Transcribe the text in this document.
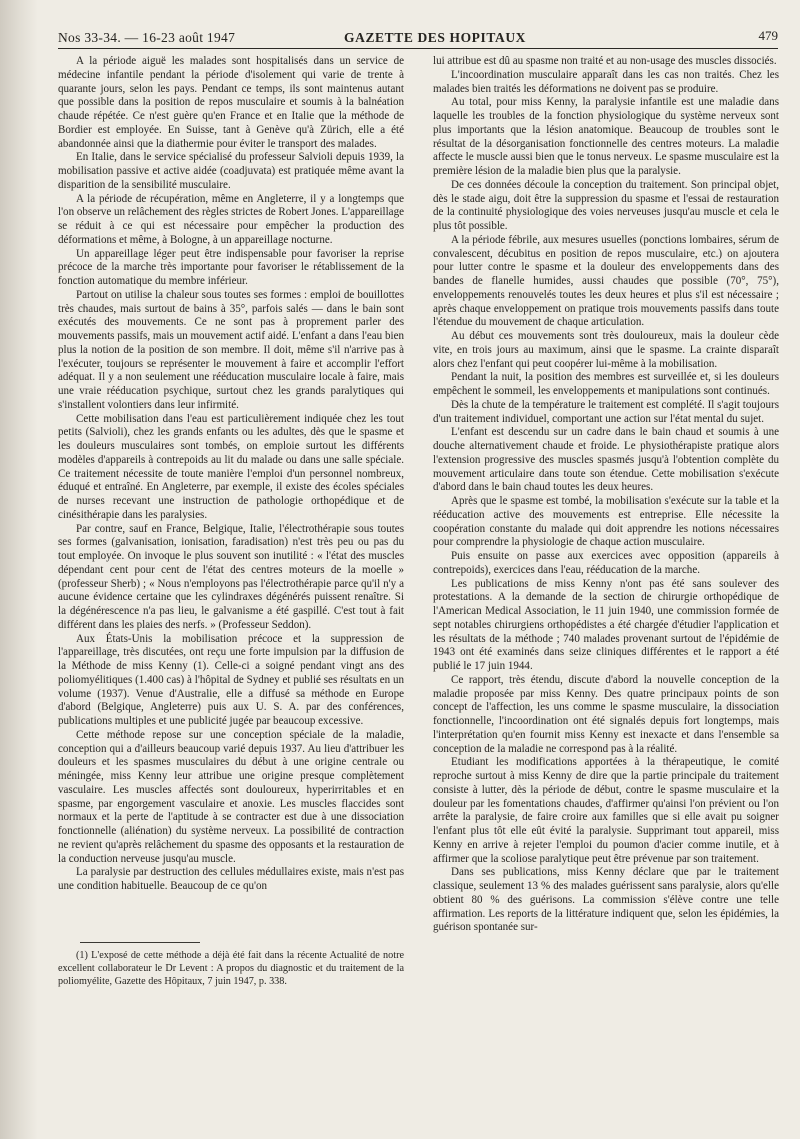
Nos 33-34. — 16-23 août 1947	GAZETTE DES HOPITAUX	479

A la période aiguë les malades sont hospitalisés dans un service de médecine infantile pendant la période d'isolement qui varie de trente à quarante jours, selon les pays. Pendant ce temps, ils sont maintenus autant que possible dans la position de repos musculaire et soumis à la balnéation chaude répétée. Ce n'est guère qu'en France et en Italie que la méthode de Bordier est employée. En Suisse, tant à Genève qu'à Zürich, elle a été abandonnée ainsi que la diathermie pour éviter le transport des malades.

En Italie, dans le service spécialisé du professeur Salvioli depuis 1939, la mobilisation passive et active aidée (coadjuvata) est pratiquée même avant la disparition de la sensibilité musculaire.

A la période de récupération, même en Angleterre, il y a longtemps que l'on observe un relâchement des règles strictes de Robert Jones. L'appareillage se réduit à ce qui est nécessaire pour empêcher la production des déformations et même, à Bologne, à un appareillage nocturne.

Un appareillage léger peut être indispensable pour favoriser la reprise précoce de la marche très importante pour favoriser le rétablissement de la fonction automatique du membre inférieur.

Partout on utilise la chaleur sous toutes ses formes : emploi de bouillottes très chaudes, mais surtout de bains à 35°, parfois salés — dans le bain sont exécutés des mouvements. Ce ne sont pas à proprement parler des mouvements passifs, mais un mouvement actif aidé. L'enfant a dans l'eau bien plus la notion de la position de son membre. Il doit, même s'il n'arrive pas à l'exécuter, toujours se représenter le mouvement à faire et accomplir l'effort adéquat. Il y a non seulement une rééducation musculaire locale à faire, mais une vraie rééducation psychique, surtout chez les grands paralytiques qui s'installent volontiers dans leur infirmité.

Cette mobilisation dans l'eau est particulièrement indiquée chez les tout petits (Salvioli), chez les grands enfants ou les adultes, dès que le spasme et les douleurs musculaires sont tombés, on emploie surtout les différents modèles d'appareils à contrepoids au lit du malade ou dans une salle spéciale. Ce traitement nécessite de toute manière l'emploi d'un personnel nombreux, éduqué et entraîné. En Angleterre, par exemple, il existe des écoles spéciales de nurses recevant une instruction de pathologie orthopédique et de cinésithérapie dans les paralysies.

Par contre, sauf en France, Belgique, Italie, l'électrothérapie sous toutes ses formes (galvanisation, ionisation, faradisation) n'est très peu ou pas du tout employée. On invoque le plus souvent son inutilité : « l'état des muscles dépendant cent pour cent de l'état des centres moteurs de la moelle » (professeur Sherb) ; « Nous n'employons pas l'électrothérapie parce qu'il n'y a aucune évidence certaine que les cylindraxes dégénérés puissent renaître. Si la dégénérescence n'a pas lieu, le galvanisme a été gaspillé. C'est tout à fait différent dans les plaies des nerfs. » (Professeur Seddon).

Aux États-Unis la mobilisation précoce et la suppression de l'appareillage, très discutées, ont reçu une forte impulsion par la diffusion de la Méthode de miss Kenny (1). Celle-ci a soigné pendant vingt ans des poliomyélitiques (1.400 cas) à l'hôpital de Sydney et publié ses résultats en un volume (1937). Venue d'Australie, elle a diffusé sa méthode en Europe d'abord (Belgique, Angleterre) puis aux U. S. A. par des conférences, publications multiples et une publicité jugée par beaucoup excessive.

Cette méthode repose sur une conception spéciale de la maladie, conception qui a d'ailleurs beaucoup varié depuis 1937. Au lieu d'attribuer les douleurs et les spasmes musculaires du début à une origine centrale ou méningée, miss Kenny leur attribue une origine presque complètement vasculaire. Les muscles affectés sont douloureux, hyperirritables et en spasme, par engorgement vasculaire et anoxie. Les muscles flaccides sont normaux et la perte de l'aptitude à se contracter est due à une dissociation fonctionnelle (aliénation) du système nerveux. La possibilité de contraction ne revient qu'après relâchement du spasme des opposants et la restauration de la conduction nerveuse jusqu'au muscle.

La paralysie par destruction des cellules médullaires existe, mais n'est pas une condition habituelle. Beaucoup de ce qu'on

(1) L'exposé de cette méthode a déjà été fait dans la récente Actualité de notre excellent collaborateur le Dr Levent : A propos du diagnostic et du traitement de la poliomyélite, Gazette des Hôpitaux, 7 juin 1947, p. 338.

lui attribue est dû au spasme non traité et au non-usage des muscles dissociés.

L'incoordination musculaire apparaît dans les cas non traités. Chez les malades bien traités les déformations ne doivent pas se produire.

Au total, pour miss Kenny, la paralysie infantile est une maladie dans laquelle les troubles de la fonction physiologique du système nerveux sont plus importants que la lésion anatomique. Beaucoup de troubles sont le résultat de la désorganisation fonctionnelle des centres moteurs. La maladie affecte le muscle aussi bien que le tonus nerveux. Le spasme musculaire est la première lésion de la maladie bien plus que la paralysie.

De ces données découle la conception du traitement. Son principal objet, dès le stade aigu, doit être la suppression du spasme et l'essai de restauration de la continuité physiologique des voies nerveuses jusqu'au muscle et cela le plus tôt possible.

A la période fébrile, aux mesures usuelles (ponctions lombaires, sérum de convalescent, décubitus en position de repos musculaire, etc.) on ajoutera pour lutter contre le spasme et la douleur des enveloppements dans des bandes de flanelle humides, aussi chaudes que possible (70°, 75°), enveloppements renouvelés toutes les deux heures et plus s'il est nécessaire ; après chaque enveloppement on pratique trois mouvements passifs dans toute l'étendue du mouvement de chaque articulation.

Au début ces mouvements sont très douloureux, mais la douleur cède vite, en trois jours au maximum, ainsi que le spasme. La crainte disparaît alors chez l'enfant qui peut coopérer lui-même à la mobilisation.

Pendant la nuit, la position des membres est surveillée et, si les douleurs empêchent le sommeil, les enveloppements et manipulations sont continués.

Dès la chute de la température le traitement est complété. Il s'agit toujours d'un traitement individuel, comportant une action sur l'état mental du sujet.

L'enfant est descendu sur un cadre dans le bain chaud et soumis à une douche alternativement chaude et froide. Le physiothérapiste pratique alors l'extension progressive des muscles spasmés jusqu'à l'obtention complète du mouvement articulaire dans toute son étendue. Cette mobilisation s'exécute d'abord dans le bain chaud toutes les deux heures.

Après que le spasme est tombé, la mobilisation s'exécute sur la table et la rééducation active des mouvements est entreprise. Elle nécessite la coopération constante du malade qui doit apprendre les notions nécessaires pour comprendre la physiologie de chaque action musculaire.

Puis ensuite on passe aux exercices avec opposition (appareils à contrepoids), exercices dans l'eau, rééducation de la marche.

Les publications de miss Kenny n'ont pas été sans soulever des protestations. A la demande de la section de chirurgie orthopédique de l'American Medical Association, le 11 juin 1940, une commission formée de sept notables chirurgiens orthopédistes a été chargée d'étudier l'application et les résultats de la méthode ; 740 malades provenant surtout de l'épidémie de 1943 ont été examinés dans seize cliniques différentes et le rapport a été publié le 17 juin 1944.

Ce rapport, très étendu, discute d'abord la nouvelle conception de la maladie proposée par miss Kenny. Des quatre principaux points de son concept de l'affection, les uns comme le spasme musculaire, la dissociation fonctionnelle, l'incoordination ont été signalés depuis fort longtemps, mais l'interprétation qu'en fournit miss Kenny est inexacte et dans l'ensemble sa conception de la maladie ne correspond pas à la réalité.

Etudiant les modifications apportées à la thérapeutique, le comité reproche surtout à miss Kenny de dire que la partie principale du traitement consiste à lutter, dès la période de début, contre le spasme musculaire et la douleur par les fomentations chaudes, d'affirmer qu'ainsi l'on prévient ou l'on arrête la paralysie, de faire croire aux familles que si elle avait pu soigner l'enfant plus tôt elle eût évité la paralysie. Supprimant tout appareil, miss Kenny en arrive à rejeter l'emploi du poumon d'acier comme inutile, et à affirmer que la scoliose paralytique peut être prévenue par son traitement.

Dans ses publications, miss Kenny déclare que par le traitement classique, seulement 13 % des malades guérissent sans paralysie, alors qu'elle obtient 80 % des guérisons. La commission s'élève contre une telle affirmation. Les reports de la littérature indiquent que, selon les épidémies, la guérison spontanée sur-
